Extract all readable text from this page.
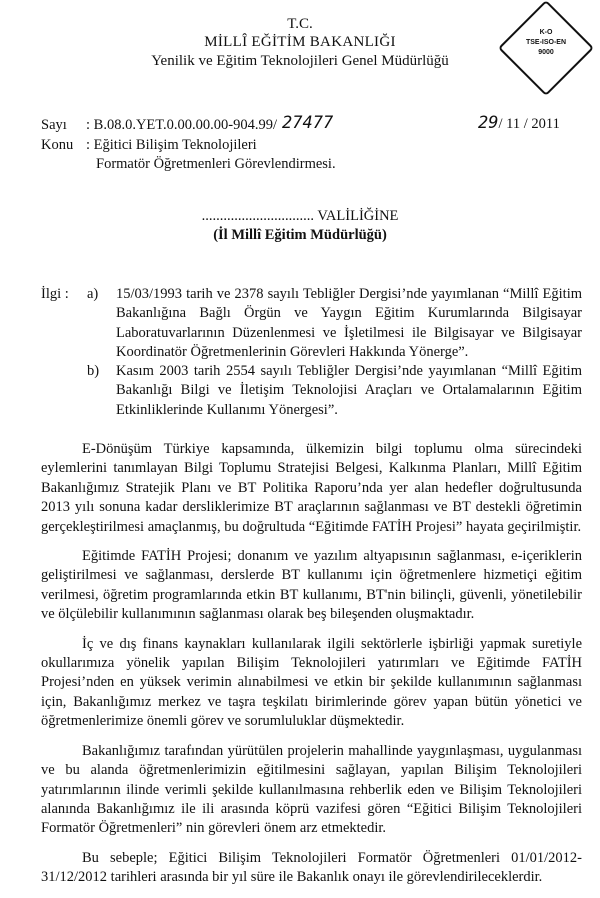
T.C.
MİLLÎ EĞİTİM BAKANLIĞI
Yenilik ve Eğitim Teknolojileri Genel Müdürlüğü
K-O
TSE-ISO-EN
9000
Sayı : B.08.0.YET.0.00.00.00-904.99/ 27477
Konu : Eğitici Bilişim Teknolojileri
Formatör Öğretmenleri Görevlendirmesi.
29/ 11 / 2011
............................... VALİLİĞİNE
(İl Millî Eğitim Müdürlüğü)
İlgi : a) 15/03/1993 tarih ve 2378 sayılı Tebliğler Dergisi’nde yayımlanan “Millî Eğitim Bakanlığına Bağlı Örgün ve Yaygın Eğitim Kurumlarında Bilgisayar Laboratuvarlarının Düzenlenmesi ve İşletilmesi ile Bilgisayar ve Bilgisayar Koordinatör Öğretmenlerinin Görevleri Hakkında Yönerge”.

b) Kasım 2003 tarih 2554 sayılı Tebliğler Dergisi’nde yayımlanan “Millî Eğitim Bakanlığı Bilgi ve İletişim Teknolojisi Araçları ve Ortalamalarının Eğitim Etkinliklerinde Kullanımı Yönergesi”.

E-Dönüşüm Türkiye kapsamında, ülkemizin bilgi toplumu olma sürecindeki eylemlerini tanımlayan Bilgi Toplumu Stratejisi Belgesi, Kalkınma Planları, Millî Eğitim Bakanlığımız Stratejik Planı ve BT Politika Raporu’nda yer alan hedefler doğrultusunda 2013 yılı sonuna kadar dersliklerimize BT araçlarının sağlanması ve BT destekli öğretimin gerçekleştirilmesi amaçlanmış, bu doğrultuda “Eğitimde FATİH Projesi” hayata geçirilmiştir.

Eğitimde FATİH Projesi; donanım ve yazılım altyapısının sağlanması, e-içeriklerin geliştirilmesi ve sağlanması, derslerde BT kullanımı için öğretmenlere hizmetiçi eğitim verilmesi, öğretim programlarında etkin BT kullanımı, BT'nin bilinçli, güvenli, yönetilebilir ve ölçülebilir kullanımının sağlanması olarak beş bileşenden oluşmaktadır.

İç ve dış finans kaynakları kullanılarak ilgili sektörlerle işbirliği yapmak suretiyle okullarımıza yönelik yapılan Bilişim Teknolojileri yatırımları ve Eğitimde FATİH Projesi’nden en yüksek verimin alınabilmesi ve etkin bir şekilde kullanımının sağlanması için, Bakanlığımız merkez ve taşra teşkilatı birimlerinde görev yapan bütün yönetici ve öğretmenlerimize önemli görev ve sorumluluklar düşmektedir.

Bakanlığımız tarafından yürütülen projelerin mahallinde yaygınlaşması, uygulanması ve bu alanda öğretmenlerimizin eğitilmesini sağlayan, yapılan Bilişim Teknolojileri yatırımlarının ilinde verimli şekilde kullanılmasına rehberlik eden ve Bilişim Teknolojileri alanında Bakanlığımız ile ili arasında köprü vazifesi gören “Eğitici Bilişim Teknolojileri Formatör Öğretmenleri” nin görevleri önem arz etmektedir.

Bu sebeple; Eğitici Bilişim Teknolojileri Formatör Öğretmenleri 01/01/2012-31/12/2012 tarihleri arasında bir yıl süre ile Bakanlık onayı ile görevlendirileceklerdir.
